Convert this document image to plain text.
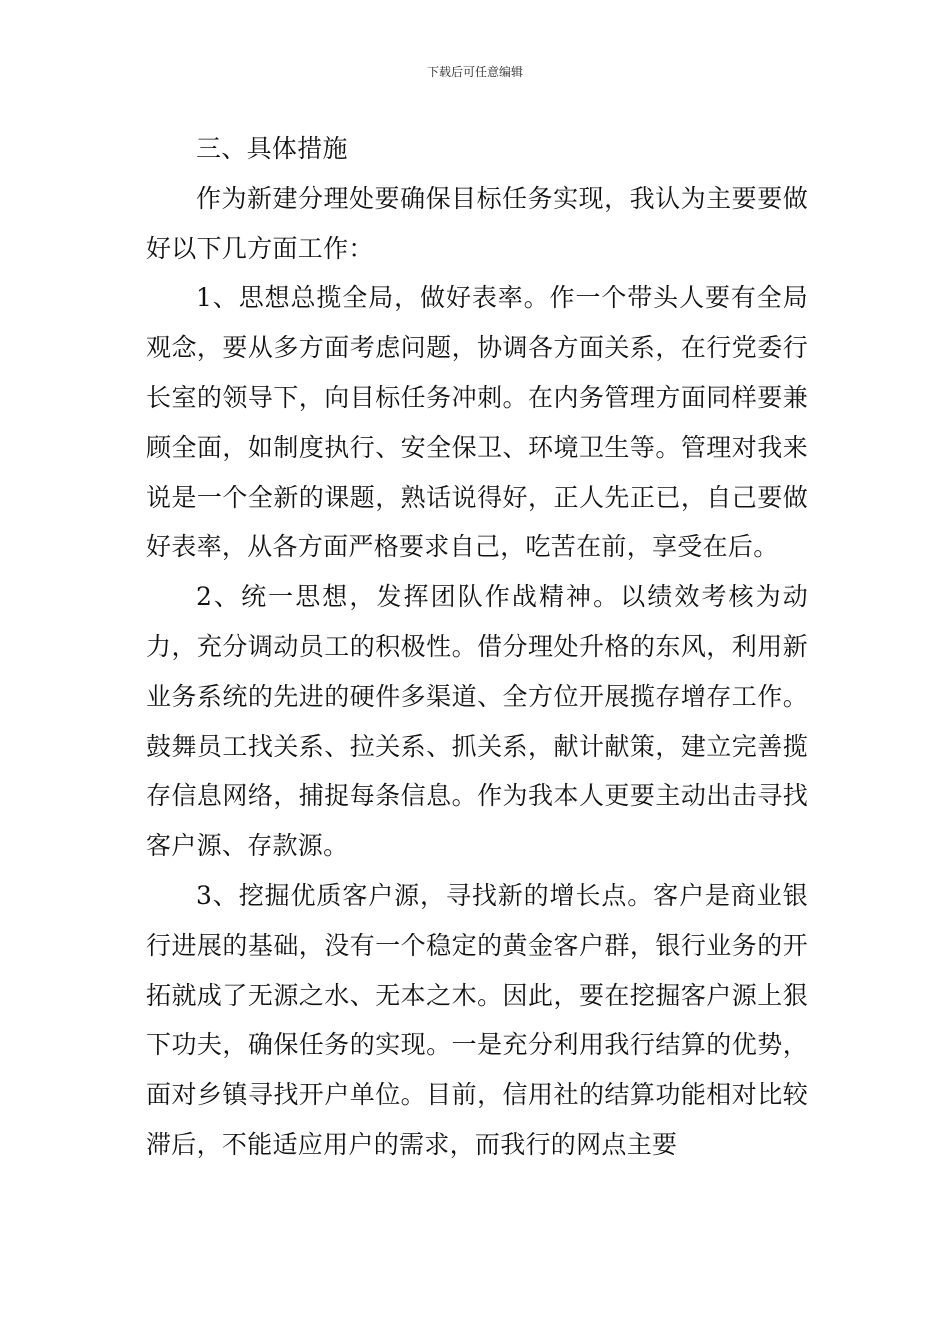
下载后可任意编辑

三、具体措施

作为新建分理处要确保目标任务实现，我认为主要要做好以下几方面工作：

1、思想总揽全局，做好表率。作一个带头人要有全局观念，要从多方面考虑问题，协调各方面关系，在行党委行长室的领导下，向目标任务冲刺。在内务管理方面同样要兼顾全面，如制度执行、安全保卫、环境卫生等。管理对我来说是一个全新的课题，熟话说得好，正人先正已，自己要做好表率，从各方面严格要求自己，吃苦在前，享受在后。

2、统一思想，发挥团队作战精神。以绩效考核为动力，充分调动员工的积极性。借分理处升格的东风，利用新业务系统的先进的硬件多渠道、全方位开展揽存增存工作。鼓舞员工找关系、拉关系、抓关系，献计献策，建立完善揽存信息网络，捕捉每条信息。作为我本人更要主动出击寻找客户源、存款源。

3、挖掘优质客户源，寻找新的增长点。客户是商业银行进展的基础，没有一个稳定的黄金客户群，银行业务的开拓就成了无源之水、无本之木。因此，要在挖掘客户源上狠下功夫，确保任务的实现。一是充分利用我行结算的优势，面对乡镇寻找开户单位。目前，信用社的结算功能相对比较滞后，不能适应用户的需求，而我行的网点主要
